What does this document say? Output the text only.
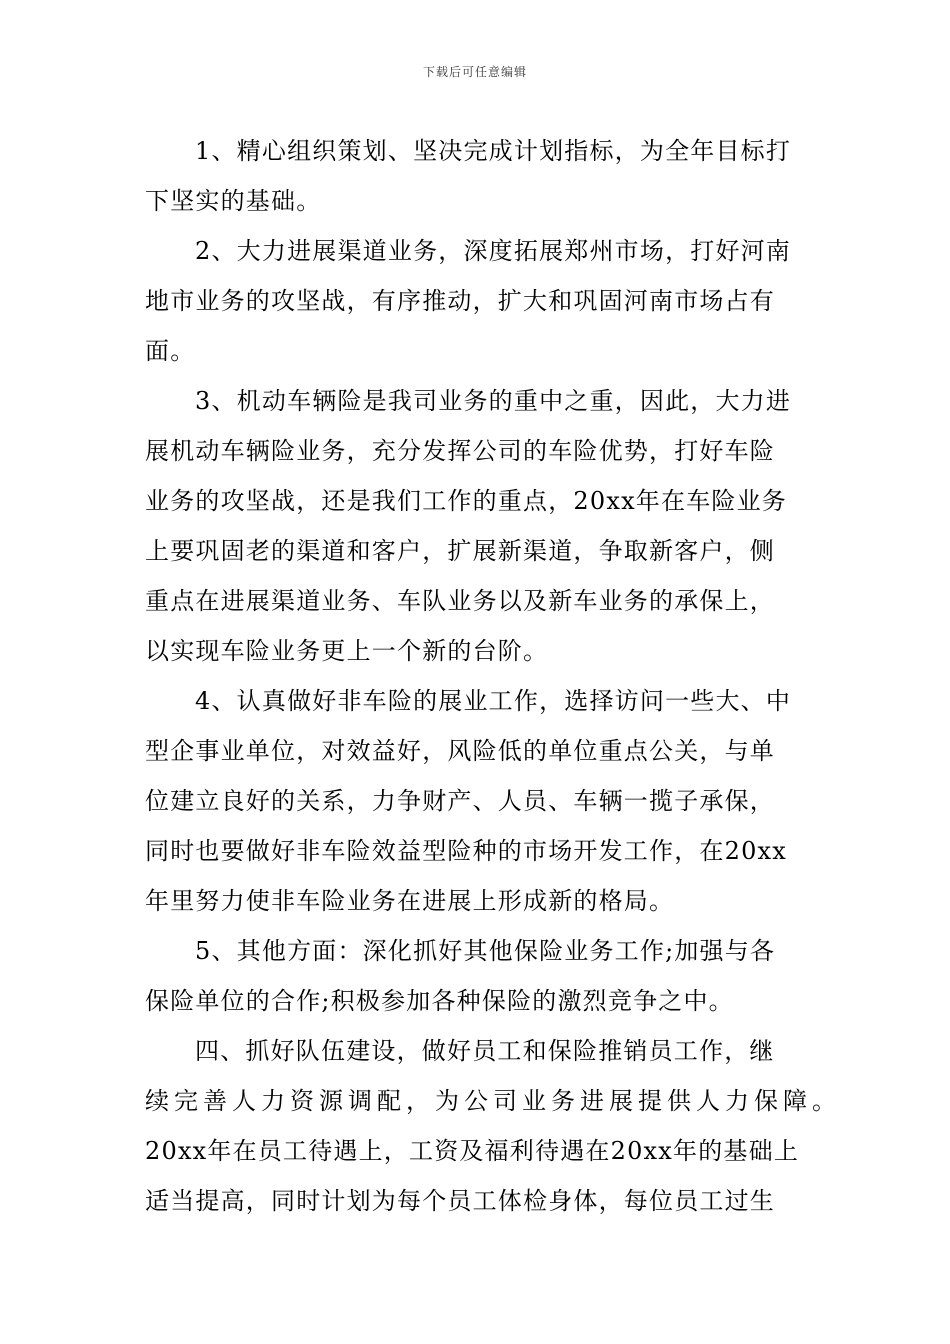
下载后可任意编辑
1、精心组织策划、坚决完成计划指标，为全年目标打
下坚实的基础。
2、大力进展渠道业务，深度拓展郑州市场，打好河南
地市业务的攻坚战，有序推动，扩大和巩固河南市场占有
面。
3、机动车辆险是我司业务的重中之重，因此，大力进
展机动车辆险业务，充分发挥公司的车险优势，打好车险
业务的攻坚战，还是我们工作的重点，20xx年在车险业务
上要巩固老的渠道和客户，扩展新渠道，争取新客户，侧
重点在进展渠道业务、车队业务以及新车业务的承保上，
以实现车险业务更上一个新的台阶。
4、认真做好非车险的展业工作，选择访问一些大、中
型企事业单位，对效益好，风险低的单位重点公关，与单
位建立良好的关系，力争财产、人员、车辆一揽子承保，
同时也要做好非车险效益型险种的市场开发工作，在20xx
年里努力使非车险业务在进展上形成新的格局。
5、其他方面：深化抓好其他保险业务工作;加强与各
保险单位的合作;积极参加各种保险的激烈竞争之中。
四、抓好队伍建设，做好员工和保险推销员工作，继
续完善人力资源调配，为公司业务进展提供人力保障。
20xx年在员工待遇上，工资及福利待遇在20xx年的基础上
适当提高，同时计划为每个员工体检身体，每位员工过生
